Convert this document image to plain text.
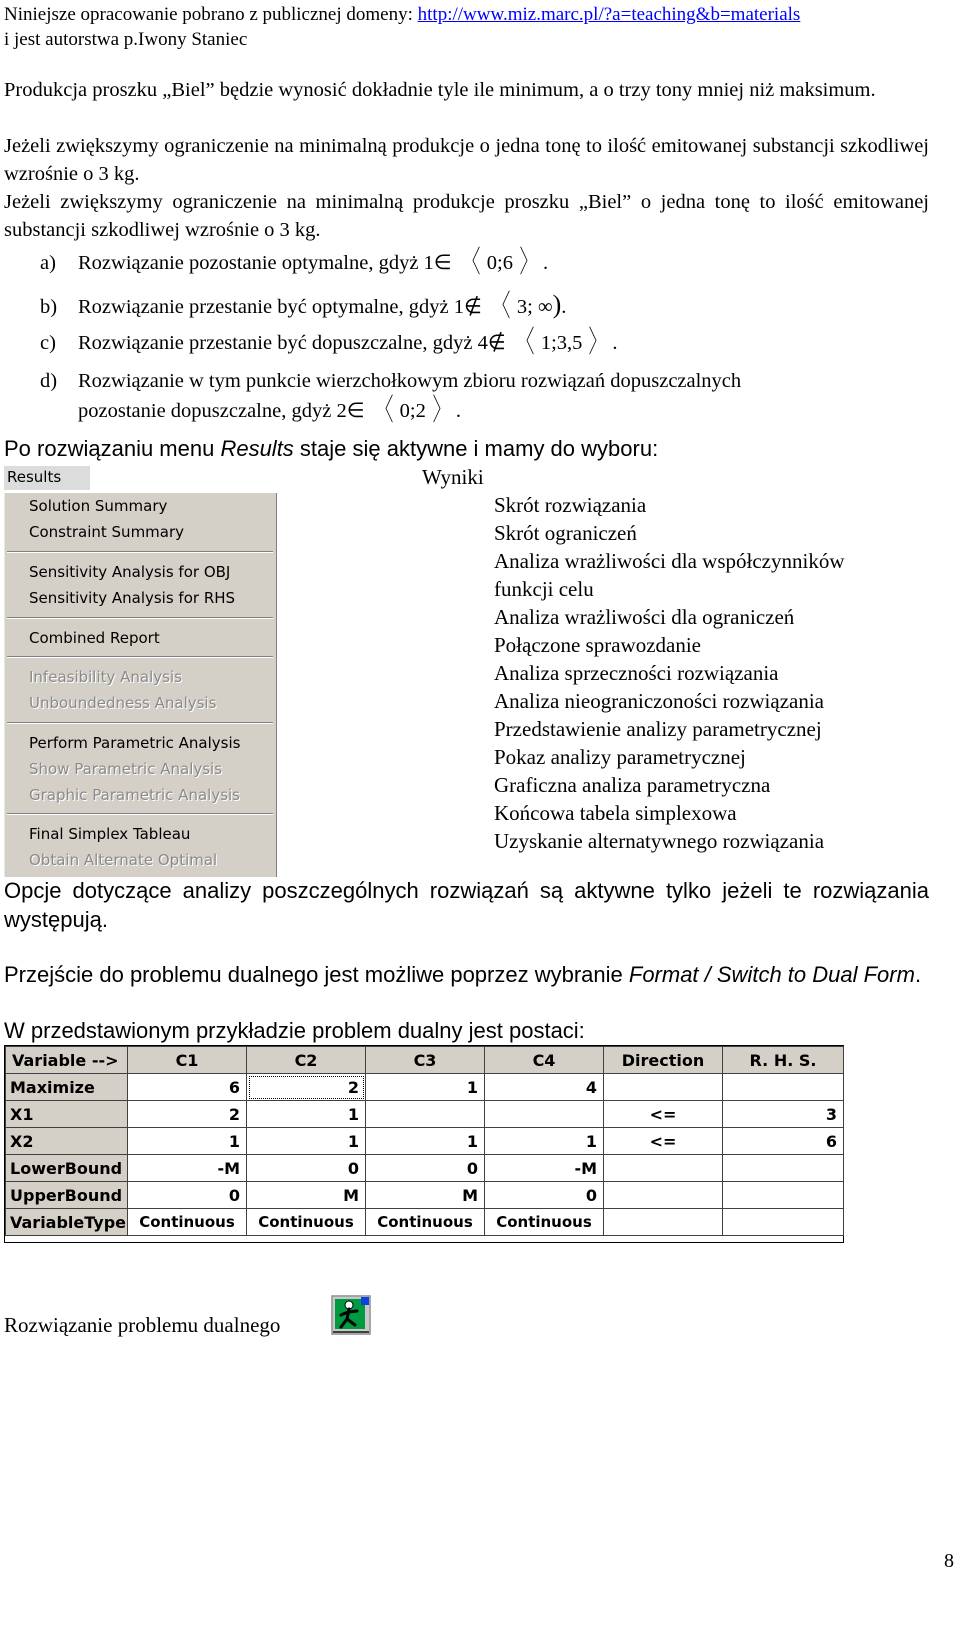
Niniejsze opracowanie pobrano z publicznej domeny: http://www.miz.marc.pl/?a=teaching&b=materials
i jest autorstwa p.Iwony Staniec
Produkcja proszku „Biel” będzie wynosić dokładnie tyle ile minimum, a o trzy tony mniej niż maksimum.
Jeżeli zwiększymy ograniczenie na minimalną produkcje o jedna tonę to ilość emitowanej substancji szkodliwej wzrośnie o 3 kg.
Jeżeli zwiększymy ograniczenie na minimalną produkcje proszku „Biel” o jedna tonę to ilość emitowanej substancji szkodliwej wzrośnie o 3 kg.
a) Rozwiązanie pozostanie optymalne, gdyż 1∈ 〈 0;6 〉 .
b) Rozwiązanie przestanie być optymalne, gdyż 1∉ 〈 3; ∞).
c) Rozwiązanie przestanie być dopuszczalne, gdyż 4∉ 〈 1;3,5 〉 .
d) Rozwiązanie w tym punkcie wierzchołkowym zbioru rozwiązań dopuszczalnych
pozostanie dopuszczalne, gdyż 2∈ 〈 0;2 〉 .
Po rozwiązaniu menu Results staje się aktywne i mamy do wyboru:
Results
Solution Summary
Constraint Summary
Sensitivity Analysis for OBJ
Sensitivity Analysis for RHS
Combined Report
Infeasibility Analysis
Unboundedness Analysis
Perform Parametric Analysis
Show Parametric Analysis
Graphic Parametric Analysis
Final Simplex Tableau
Obtain Alternate Optimal
Wyniki
Skrót rozwiązania
Skrót ograniczeń
Analiza wrażliwości dla współczynników
funkcji celu
Analiza wrażliwości dla ograniczeń
Połączone sprawozdanie
Analiza sprzeczności rozwiązania
Analiza nieograniczoności rozwiązania
Przedstawienie analizy parametrycznej
Pokaz analizy parametrycznej
Graficzna analiza parametryczna
Końcowa tabela simplexowa
Uzyskanie alternatywnego rozwiązania
Opcje dotyczące analizy poszczególnych rozwiązań są aktywne tylko jeżeli te rozwiązania występują.
Przejście do problemu dualnego jest możliwe poprzez wybranie Format / Switch to Dual Form.
W przedstawionym przykładzie problem dualny jest postaci:
Variable -->	C1	C2	C3	C4	Direction	R. H. S.
Maximize	6	2	1	4		
X1	2	1			<=	3
X2	1	1	1	1	<=	6
LowerBound	-M	0	0	-M		
UpperBound	0	M	M	0		
VariableType	Continuous	Continuous	Continuous	Continuous		
Rozwiązanie problemu dualnego
8
